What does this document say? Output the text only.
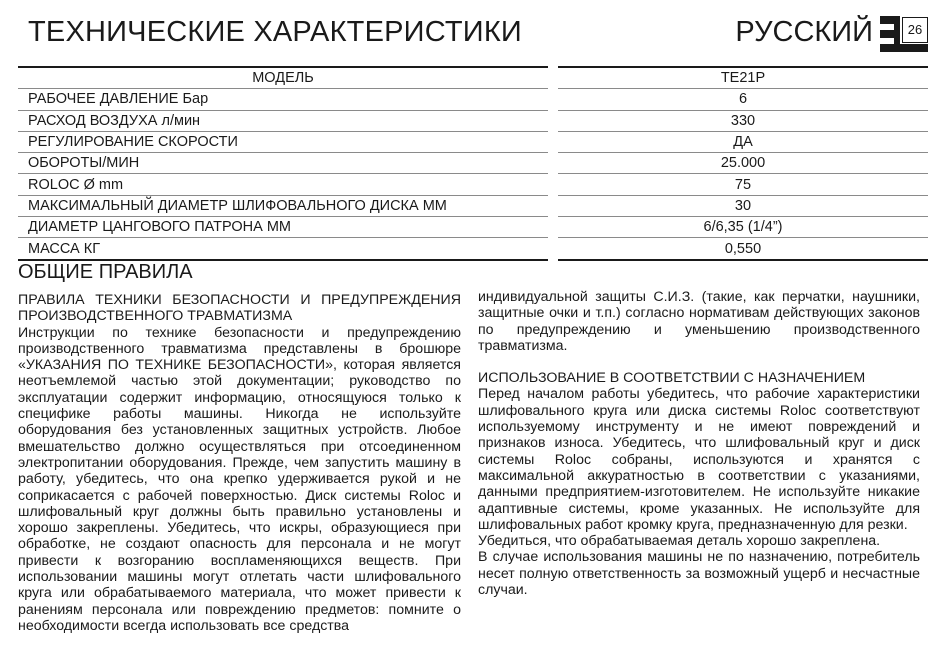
ТЕХНИЧЕСКИЕ ХАРАКТЕРИСТИКИ	РУССКИЙ	26
МОДЕЛЬ		TE21P
РАБОЧЕЕ ДАВЛЕНИЕ Бар		6
РАСХОД ВОЗДУХА л/мин		330
РЕГУЛИРОВАНИЕ СКОРОСТИ		ДА
ОБОРОТЫ/МИН		25.000
ROLOC Ø mm		75
МАКСИМАЛЬНЫЙ ДИАМЕТР ШЛИФОВАЛЬНОГО ДИСКА ММ		30
ДИАМЕТР ЦАНГОВОГО ПАТРОНА ММ		6/6,35 (1/4”)
МАССА КГ		0,550
ОБЩИЕ ПРАВИЛА

ПРАВИЛА ТЕХНИКИ БЕЗОПАСНОСТИ И ПРЕДУПРЕЖДЕНИЯ ПРОИЗВОДСТВЕННОГО ТРАВМАТИЗМА

Инструкции по технике безопасности и предупреждению производственного травматизма представлены в брошюре «УКАЗАНИЯ ПО ТЕХНИКЕ БЕЗОПАСНОСТИ», которая является неотъемлемой частью этой документации; руководство по эксплуатации содержит информацию, относящуюся только к специфике работы машины. Никогда не используйте оборудования без установленных защитных устройств. Любое вмешательство должно осуществляться при отсоединенном электропитании оборудования. Прежде, чем запустить машину в работу, убедитесь, что она крепко удерживается рукой и не соприкасается с рабочей поверхностью. Диск системы Roloc и шлифовальный круг должны быть правильно установлены и хорошо закреплены. Убедитесь, что искры, образующиеся при обработке, не создают опасность для персонала и не могут привести к возгоранию воспламеняющихся веществ. При использовании машины могут отлетать части шлифовального круга или обрабатываемого материала, что может привести к ранениям персонала или повреждению предметов: помните о необходимости всегда использовать все средства

индивидуальной защиты С.И.З. (такие, как перчатки, наушники, защитные очки и т.п.) согласно нормативам действующих законов по предупреждению и уменьшению производственного травматизма.

ИСПОЛЬЗОВАНИЕ В СООТВЕТСТВИИ С НАЗНАЧЕНИЕМ

Перед началом работы убедитесь, что рабочие характеристики шлифовального круга или диска системы Roloc соответствуют используемому инструменту и не имеют повреждений и признаков износа. Убедитесь, что шлифовальный круг и диск системы Roloc собраны, используются и хранятся с максимальной аккуратностью в соответствии с указаниями, данными предприятием-изготовителем. Не используйте никакие адаптивные системы, кроме указанных. Не используйте для шлифовальных работ кромку круга, предназначенную для резки.

Убедиться, что обрабатываемая деталь хорошо закреплена.

В случае использования машины не по назначению, потребитель несет полную ответственность за возможный ущерб и несчастные случаи.
